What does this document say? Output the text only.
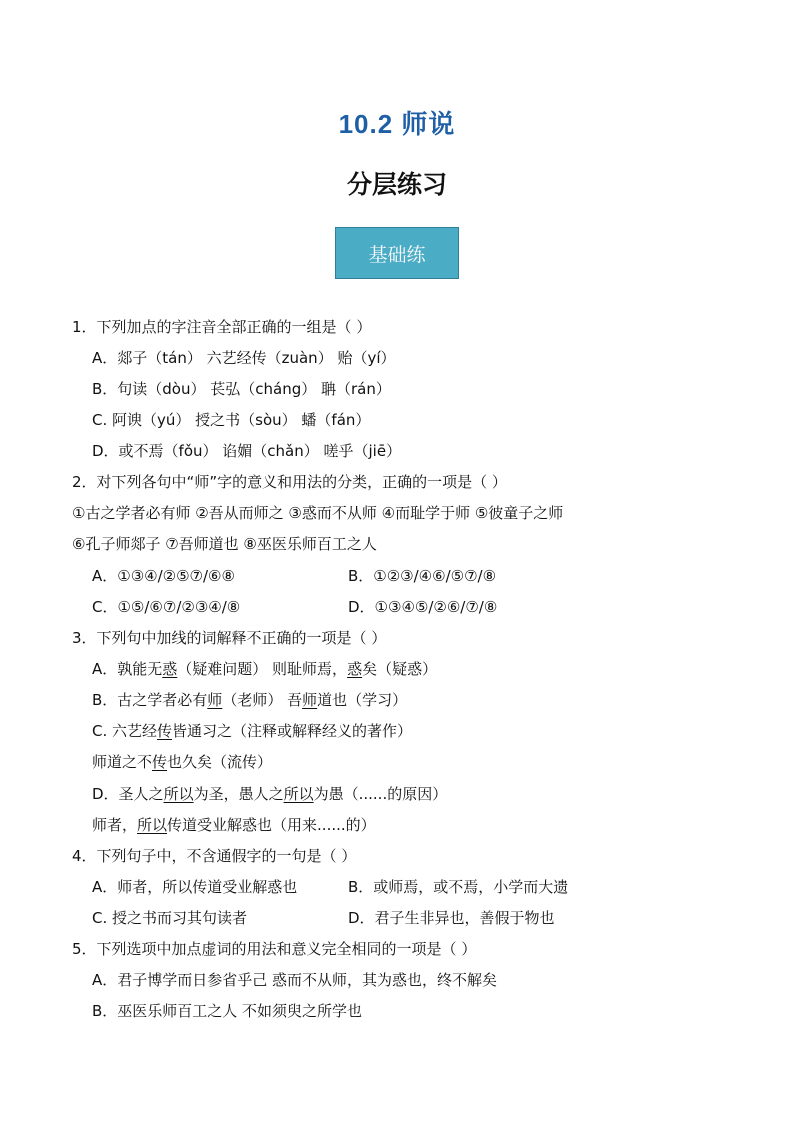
10.2 师说
分层练习
基础练
1．下列加点的字注音全部正确的一组是（ ）
A．郯子（tán） 六艺经传（zuàn） 贻（yí）
B．句读（dòu） 苌弘（cháng） 聃（rán）
C. 阿谀（yú） 授之书（sòu） 蟠（fán）
D．或不焉（fǒu） 谄媚（chǎn） 嗟乎（jiē）
2．对下列各句中“师”字的意义和用法的分类，正确的一项是（ ）
①古之学者必有师 ②吾从而师之 ③惑而不从师 ④而耻学于师 ⑤彼童子之师
⑥孔子师郯子 ⑦吾师道也 ⑧巫医乐师百工之人
A．①③④/②⑤⑦/⑥⑧	B．①②③/④⑥/⑤⑦/⑧
C．①⑤/⑥⑦/②③④/⑧	D．①③④⑤/②⑥/⑦/⑧
3．下列句中加线的词解释不正确的一项是（ ）
A．孰能无惑（疑难问题） 则耻师焉，惑矣（疑惑）
B．古之学者必有师（老师） 吾师道也（学习）
C. 六艺经传皆通习之（注释或解释经义的著作）
师道之不传也久矣（流传）
D．圣人之所以为圣，愚人之所以为愚（......的原因）
师者，所以传道受业解惑也（用来......的）
4．下列句子中，不含通假字的一句是（ ）
A．师者，所以传道受业解惑也	B．或师焉，或不焉，小学而大遗
C. 授之书而习其句读者	D．君子生非异也，善假于物也
5．下列选项中加点虚词的用法和意义完全相同的一项是（ ）
A．君子博学而日参省乎己 惑而不从师，其为惑也，终不解矣
B．巫医乐师百工之人 不如须臾之所学也
